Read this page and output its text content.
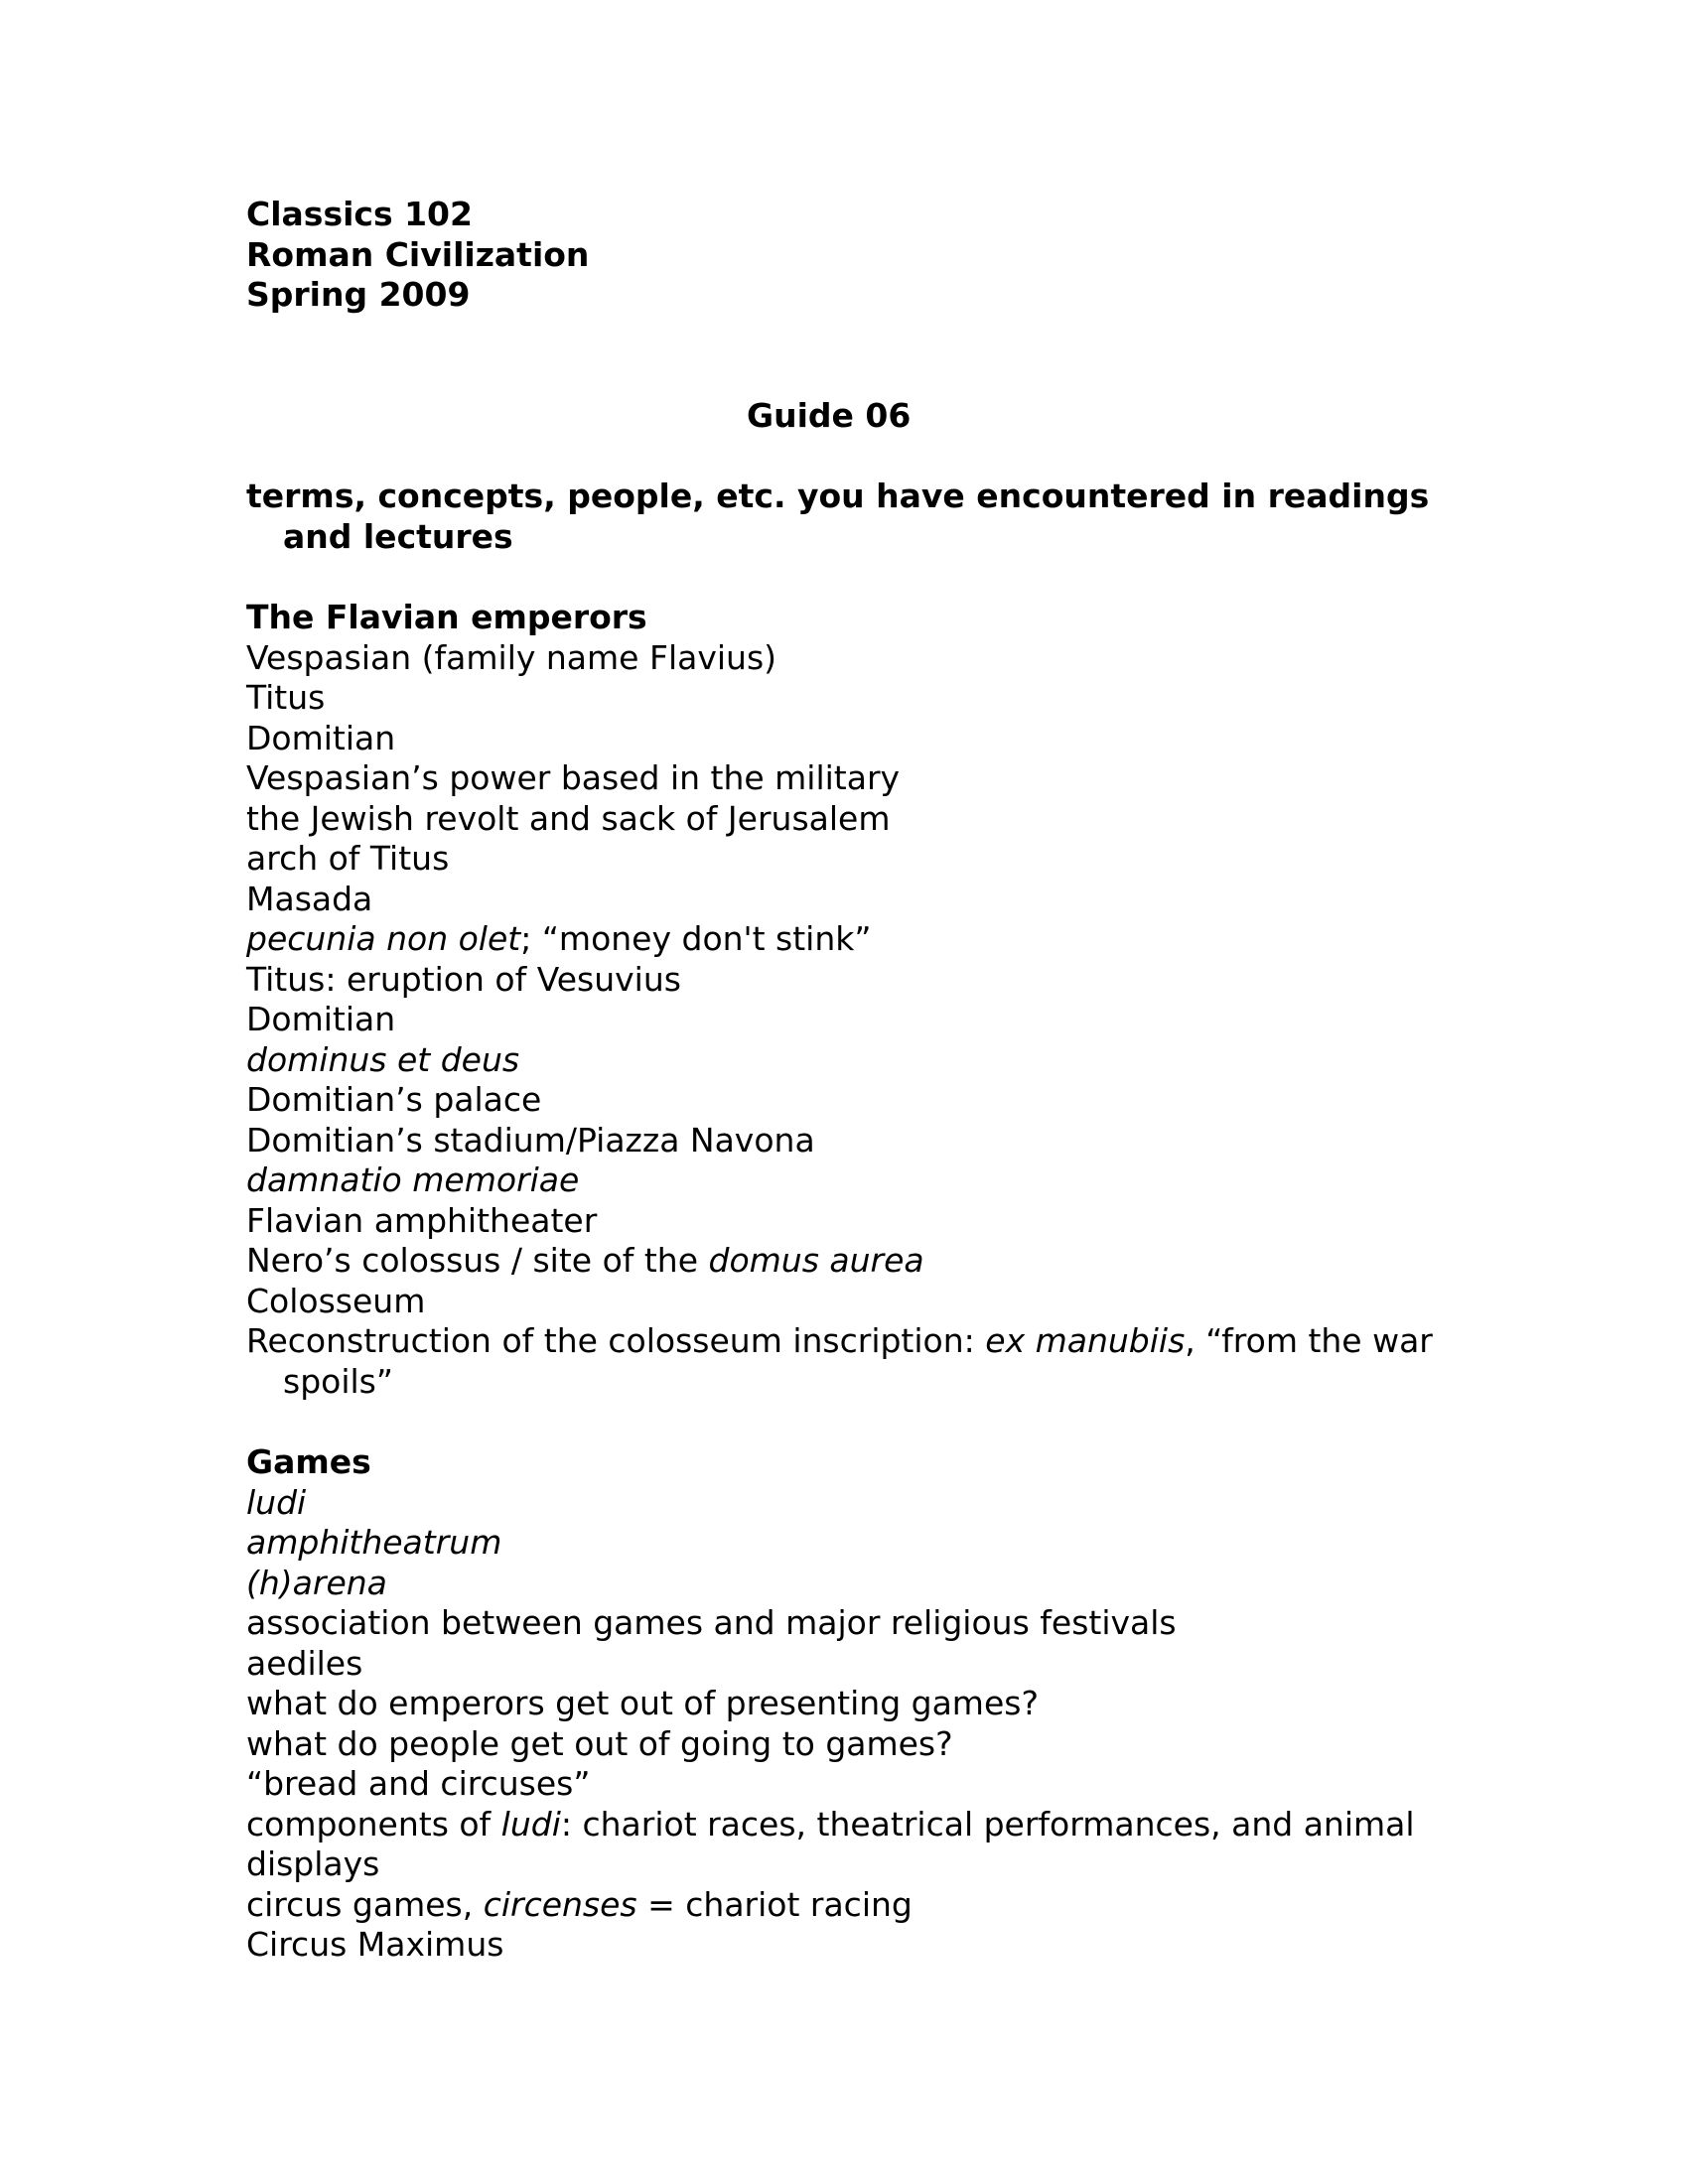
Classics 102
Roman Civilization
Spring 2009
Guide 06
terms, concepts, people, etc. you have encountered in readings and lectures
The Flavian emperors
Vespasian (family name Flavius)
Titus
Domitian
Vespasian’s power based in the military
the Jewish revolt and sack of Jerusalem
arch of Titus
Masada
pecunia non olet; “money don't stink”
Titus: eruption of Vesuvius
Domitian
dominus et deus
Domitian’s palace
Domitian’s stadium/Piazza Navona
damnatio memoriae
Flavian amphitheater
Nero’s colossus / site of the domus aurea
Colosseum
Reconstruction of the colosseum inscription: ex manubiis, “from the war spoils”
Games
ludi
amphitheatrum
(h)arena
association between games and major religious festivals
aediles
what do emperors get out of presenting games?
what do people get out of going to games?
“bread and circuses”
components of ludi: chariot races, theatrical performances, and animal displays
circus games, circenses = chariot racing
Circus Maximus
